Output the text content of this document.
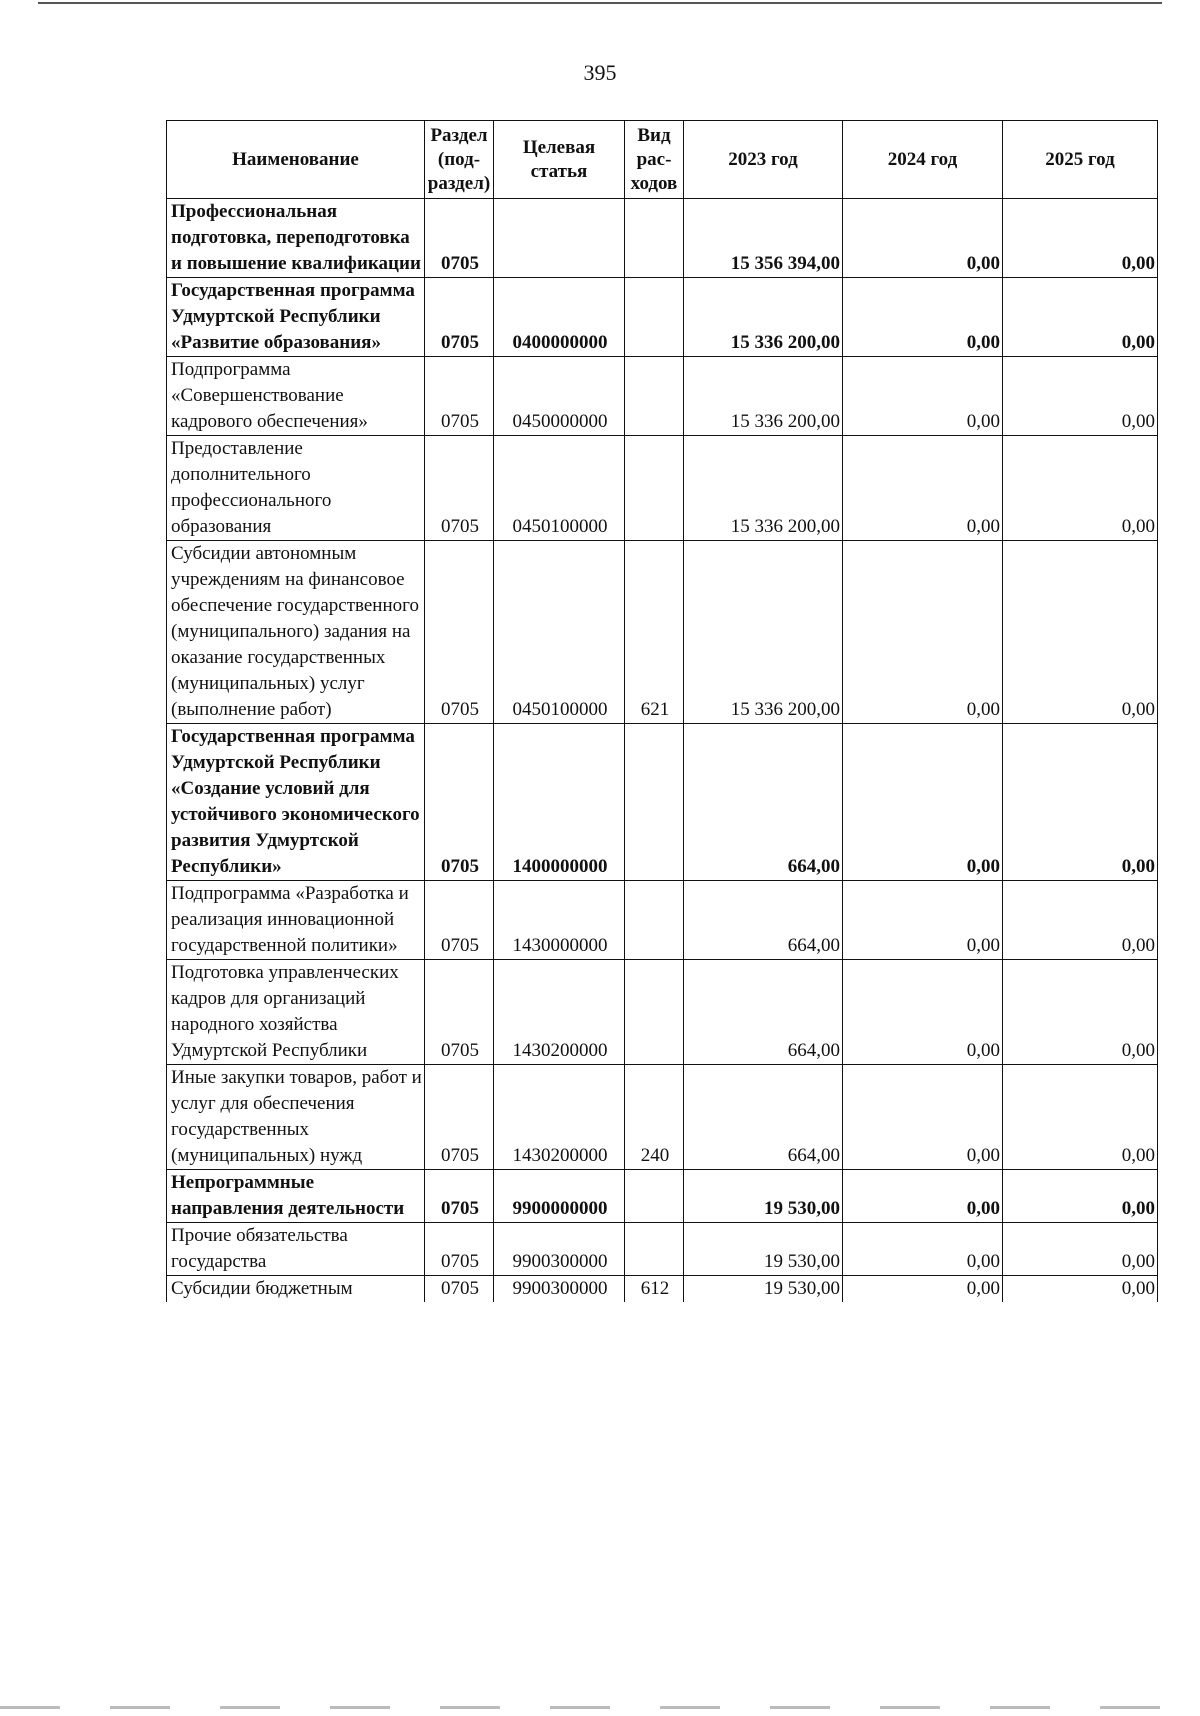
395
Наименование	Раздел (под-раздел)	Целевая статья	Вид рас-ходов	2023 год	2024 год	2025 год
Профессиональная подготовка, переподготовка и повышение квалификации	0705			15 356 394,00	0,00	0,00
Государственная программа Удмуртской Республики «Развитие образования»	0705	0400000000		15 336 200,00	0,00	0,00
Подпрограмма «Совершенствование кадрового обеспечения»	0705	0450000000		15 336 200,00	0,00	0,00
Предоставление дополнительного профессионального образования	0705	0450100000		15 336 200,00	0,00	0,00
Субсидии автономным учреждениям на финансовое обеспечение государственного (муниципального) задания на оказание государственных (муниципальных) услуг (выполнение работ)	0705	0450100000	621	15 336 200,00	0,00	0,00
Государственная программа Удмуртской Республики «Создание условий для устойчивого экономического развития Удмуртской Республики»	0705	1400000000		664,00	0,00	0,00
Подпрограмма «Разработка и реализация инновационной государственной политики»	0705	1430000000		664,00	0,00	0,00
Подготовка управленческих кадров для организаций народного хозяйства Удмуртской Республики	0705	1430200000		664,00	0,00	0,00
Иные закупки товаров, работ и услуг для обеспечения государственных (муниципальных) нужд	0705	1430200000	240	664,00	0,00	0,00
Непрограммные направления деятельности	0705	9900000000		19 530,00	0,00	0,00
Прочие обязательства государства	0705	9900300000		19 530,00	0,00	0,00
Субсидии бюджетным	0705	9900300000	612	19 530,00	0,00	0,00
